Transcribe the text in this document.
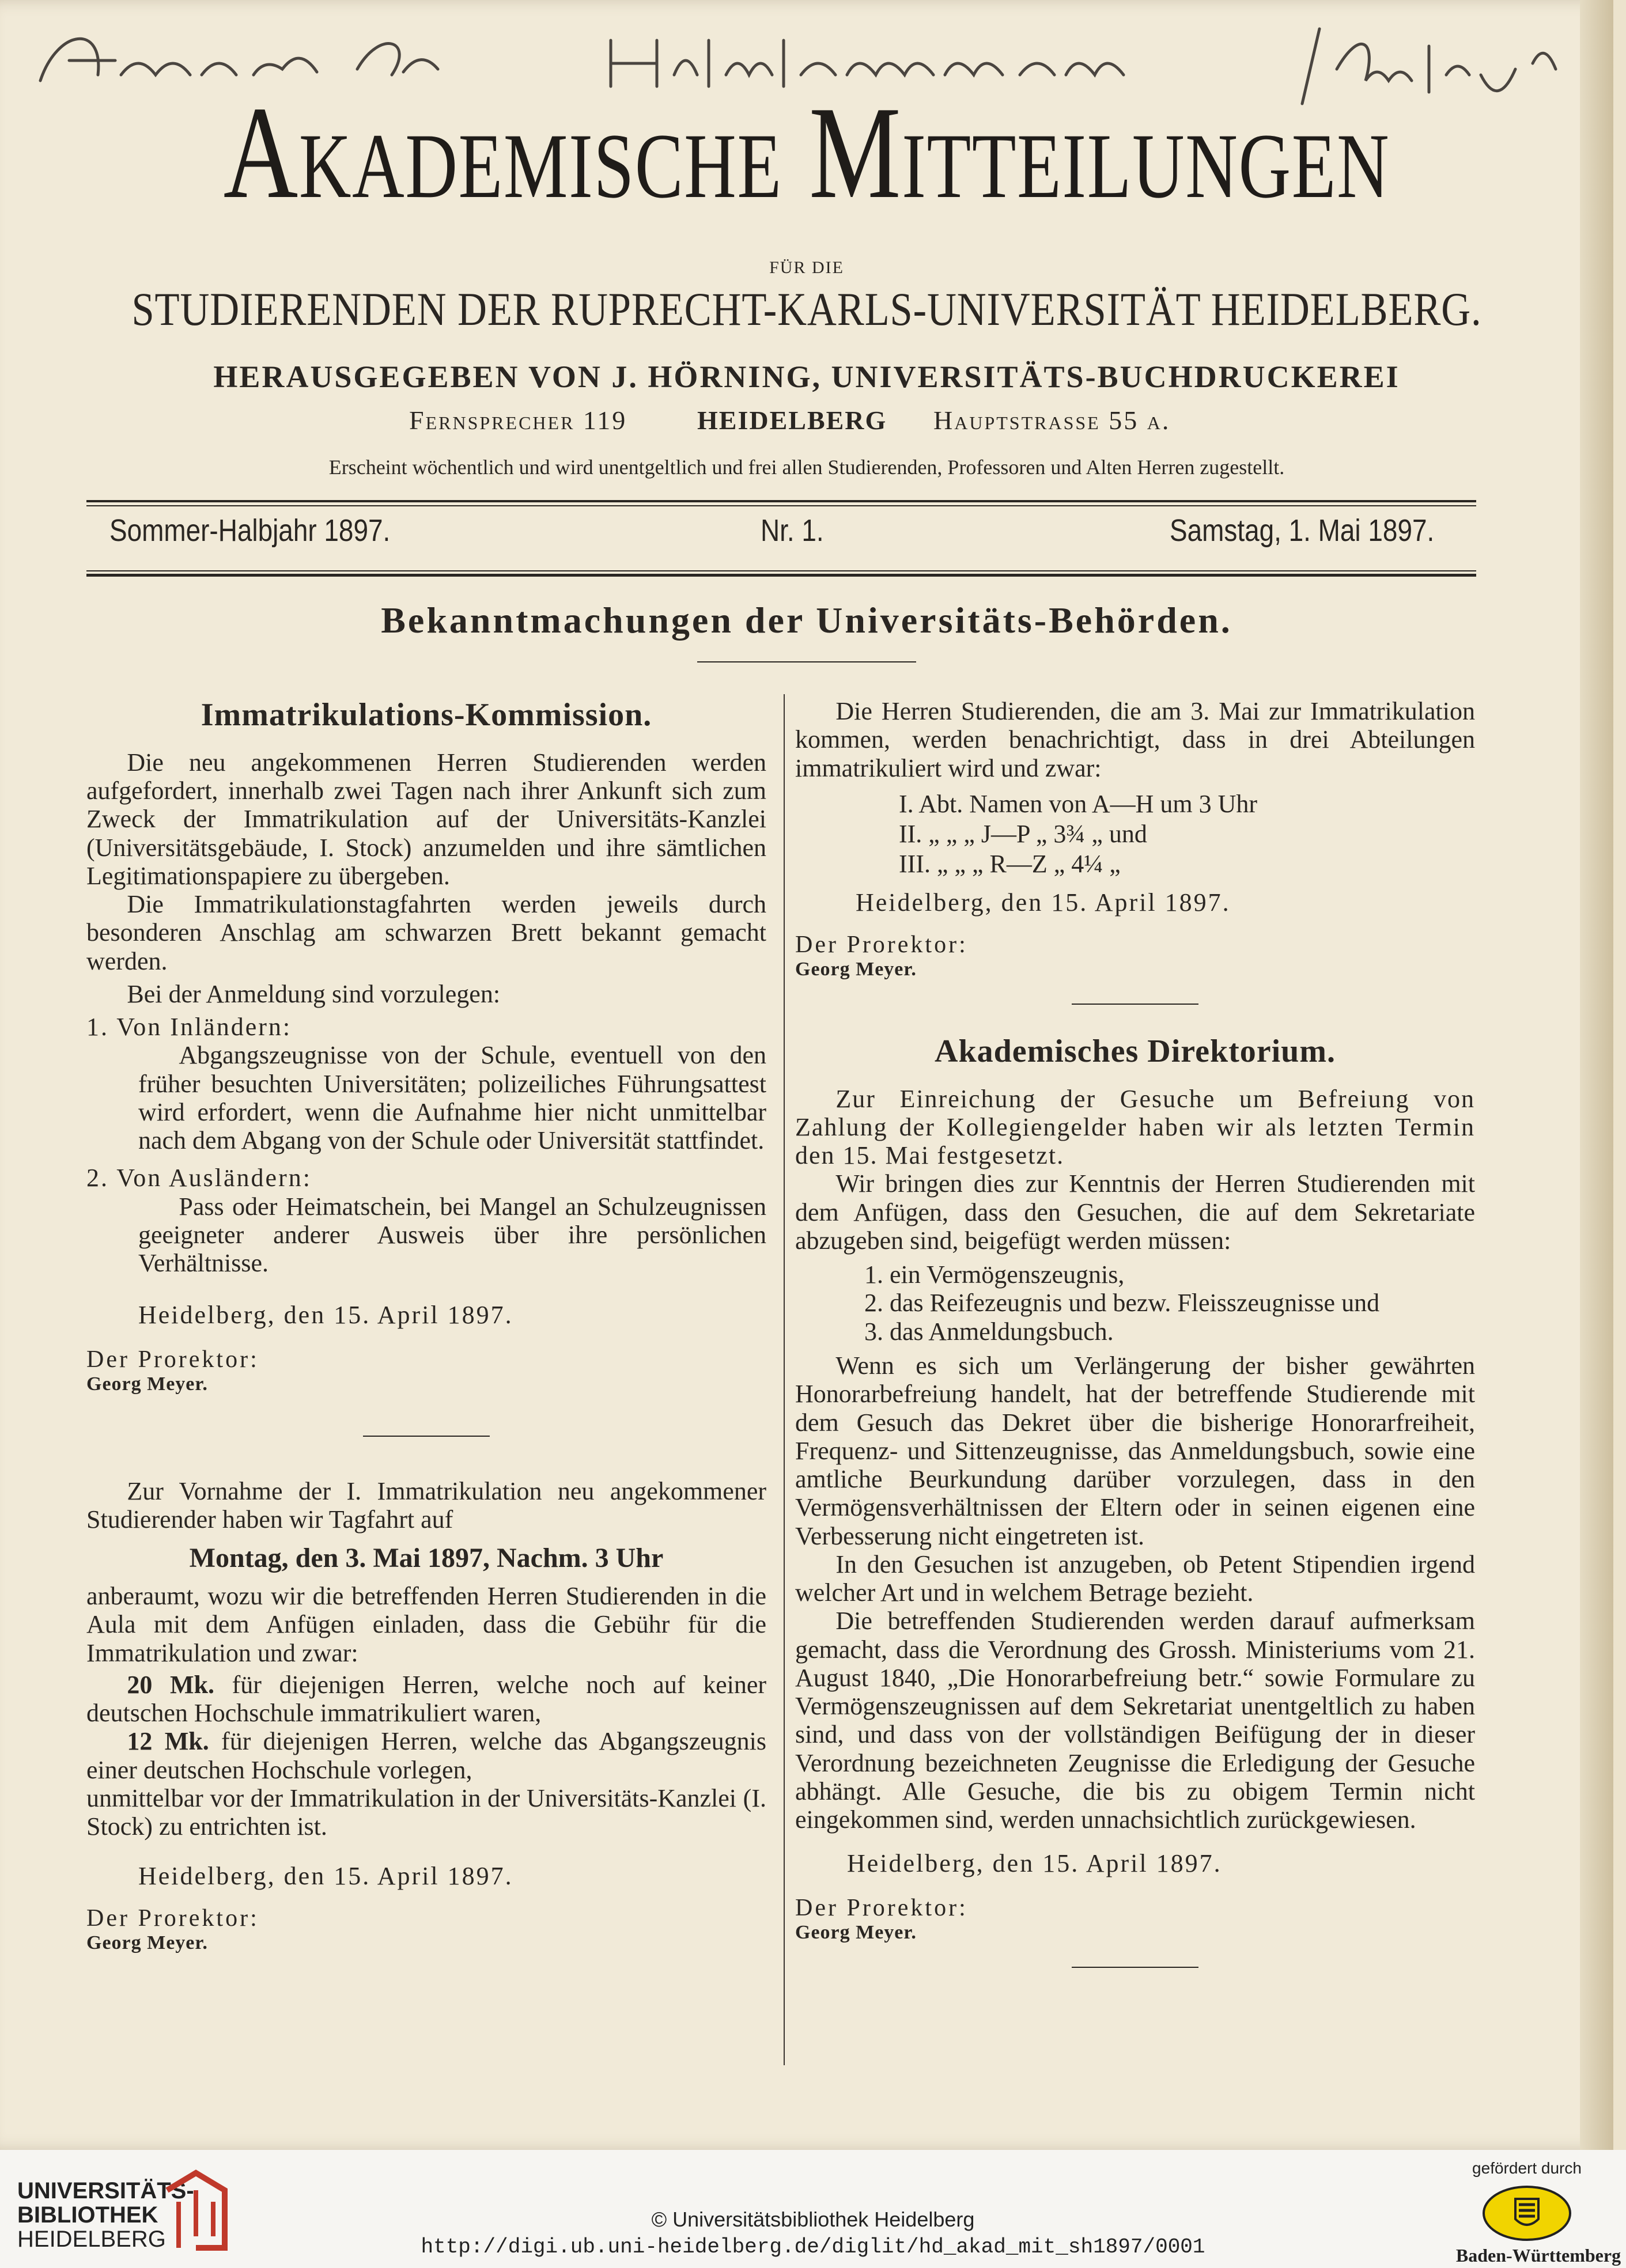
Akademische Mitteilungen
FÜR DIE
STUDIERENDEN DER RUPRECHT-KARLS-UNIVERSITÄT HEIDELBERG.
HERAUSGEGEBEN VON J. HÖRNING, UNIVERSITÄTS-BUCHDRUCKEREI
Fernsprecher 119	HEIDELBERG Hauptstrasse 55 a.
Erscheint wöchentlich und wird unentgeltlich und frei allen Studierenden, Professoren und Alten Herren zugestellt.
Sommer-Halbjahr 1897.	Nr. 1.	Samstag, 1. Mai 1897.
Bekanntmachungen der Universitäts-Behörden.
Immatrikulations-Kommission.

Die neu angekommenen Herren Studierenden werden aufgefordert, innerhalb zwei Tagen nach ihrer Ankunft sich zum Zweck der Immatrikulation auf der Universitäts-Kanzlei (Universitätsgebäude, I. Stock) anzumelden und ihre sämtlichen Legitimationspapiere zu übergeben.

Die Immatrikulationstagfahrten werden jeweils durch besonderen Anschlag am schwarzen Brett bekannt gemacht werden.

Bei der Anmeldung sind vorzulegen:

1. Von Inländern:

Abgangszeugnisse von der Schule, eventuell von den früher besuchten Universitäten; polizeiliches Führungsattest wird erfordert, wenn die Aufnahme hier nicht unmittelbar nach dem Abgang von der Schule oder Universität stattfindet.

2. Von Ausländern:

Pass oder Heimatschein, bei Mangel an Schulzeugnissen geeigneter anderer Ausweis über ihre persönlichen Verhältnisse.

Heidelberg, den 15. April 1897.

Der Prorektor:

Georg Meyer.

Zur Vornahme der I. Immatrikulation neu angekommener Studierender haben wir Tagfahrt auf

Montag, den 3. Mai 1897, Nachm. 3 Uhr

anberaumt, wozu wir die betreffenden Herren Studierenden in die Aula mit dem Anfügen einladen, dass die Gebühr für die Immatrikulation und zwar:

20 Mk. für diejenigen Herren, welche noch auf keiner deutschen Hochschule immatrikuliert waren,

12 Mk. für diejenigen Herren, welche das Abgangszeugnis einer deutschen Hochschule vorlegen,

unmittelbar vor der Immatrikulation in der Universitäts-Kanzlei (I. Stock) zu entrichten ist.

Heidelberg, den 15. April 1897.

Der Prorektor:

Georg Meyer.

Die Herren Studierenden, die am 3. Mai zur Immatrikulation kommen, werden benachrichtigt, dass in drei Abteilungen immatrikuliert wird und zwar:

I. Abt. Namen von A—H um 3 Uhr
II. „ „ „ J—P „ 3¾ „ und
III. „ „ „ R—Z „ 4¼ „

Heidelberg, den 15. April 1897.

Der Prorektor:

Georg Meyer.

Akademisches Direktorium.

Zur Einreichung der Gesuche um Befreiung von Zahlung der Kollegiengelder haben wir als letzten Termin den 15. Mai festgesetzt.

Wir bringen dies zur Kenntnis der Herren Studierenden mit dem Anfügen, dass den Gesuchen, die auf dem Sekretariate abzugeben sind, beigefügt werden müssen:

1. ein Vermögenszeugnis,

2. das Reifezeugnis und bezw. Fleisszeugnisse und

3. das Anmeldungsbuch.

Wenn es sich um Verlängerung der bisher gewährten Honorarbefreiung handelt, hat der betreffende Studierende mit dem Gesuch das Dekret über die bisherige Honorarfreiheit, Frequenz- und Sittenzeugnisse, das Anmeldungsbuch, sowie eine amtliche Beurkundung darüber vorzulegen, dass in den Vermögensverhältnissen der Eltern oder in seinen eigenen eine Verbesserung nicht eingetreten ist.

In den Gesuchen ist anzugeben, ob Petent Stipendien irgend welcher Art und in welchem Betrage bezieht.

Die betreffenden Studierenden werden darauf aufmerksam gemacht, dass die Verordnung des Grossh. Ministeriums vom 21. August 1840, „Die Honorarbefreiung betr.“ sowie Formulare zu Vermögenszeugnissen auf dem Sekretariat unentgeltlich zu haben sind, und dass von der vollständigen Beifügung der in dieser Verordnung bezeichneten Zeugnisse die Erledigung der Gesuche abhängt. Alle Gesuche, die bis zu obigem Termin nicht eingekommen sind, werden unnachsichtlich zurückgewiesen.

Heidelberg, den 15. April 1897.

Der Prorektor:

Georg Meyer.

UNIVERSITÄTS-
BIBLIOTHEK
HEIDELBERG
© Universitätsbibliothek Heidelberg
http://digi.ub.uni-heidelberg.de/diglit/hd_akad_mit_sh1897/0001
gefördert durch
Baden-Württemberg
